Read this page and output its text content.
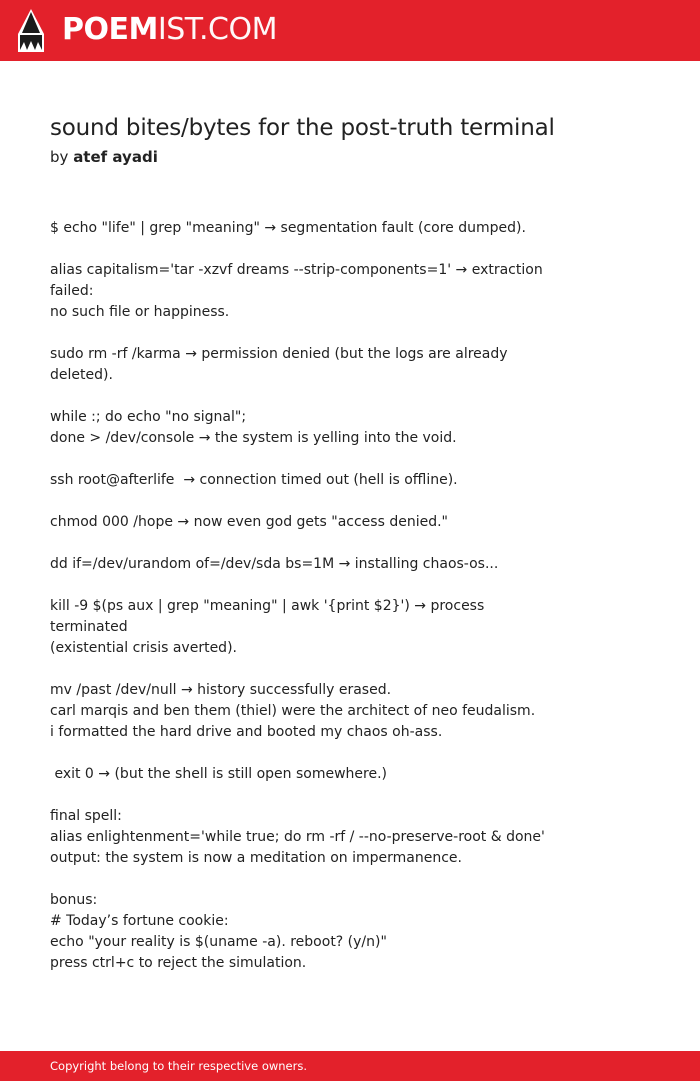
POEMIST.COM
sound bites/bytes for the post-truth terminal
by atef ayadi
$ echo "life" | grep "meaning" → segmentation fault (core dumped).
alias capitalism='tar -xzvf dreams --strip-components=1' → extraction
failed:
no such file or happiness.
sudo rm -rf /karma → permission denied (but the logs are already
deleted).
while :; do echo "no signal";
done > /dev/console → the system is yelling into the void.
ssh root@afterlife  → connection timed out (hell is offline).
chmod 000 /hope → now even god gets "access denied."
dd if=/dev/urandom of=/dev/sda bs=1M → installing chaos-os...
kill -9 $(ps aux | grep "meaning" | awk '{print $2}') → process
terminated
(existential crisis averted).
mv /past /dev/null → history successfully erased.
carl marqis and ben them (thiel) were the architect of neo feudalism.
i formatted the hard drive and booted my chaos oh-ass.
exit 0 → (but the shell is still open somewhere.)
final spell:
alias enlightenment='while true; do rm -rf / --no-preserve-root & done'
output: the system is now a meditation on impermanence.
bonus:
# Today’s fortune cookie:
echo "your reality is $(uname -a). reboot? (y/n)"
press ctrl+c to reject the simulation.
Copyright belong to their respective owners.
